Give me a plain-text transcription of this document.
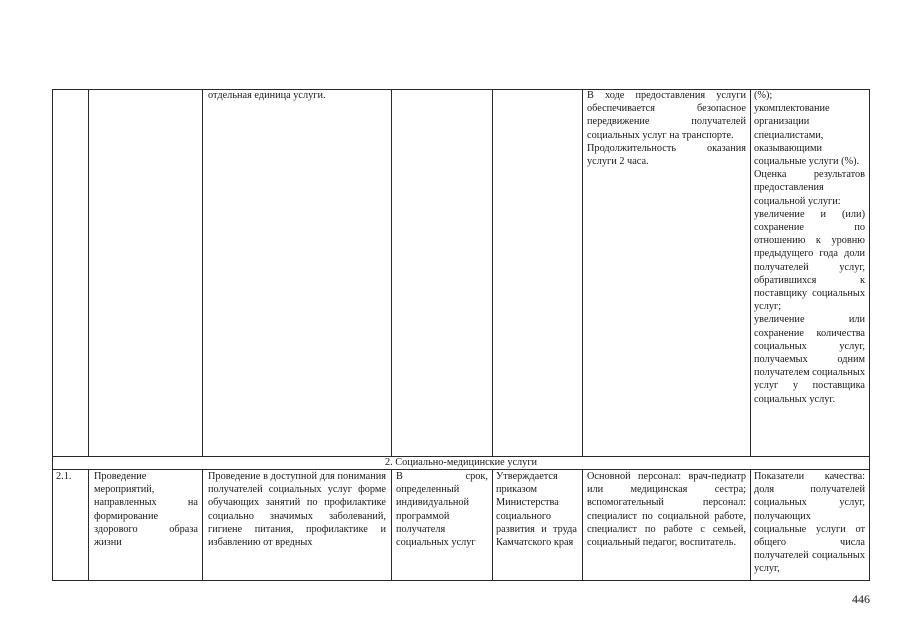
отдельная единица услуги.	В ходе предоставления услуги обеспечивается безопасное передвижение получателей социальных услуг на транспорте.

Продолжительность оказания услуги 2 часа.

(%);

укомплектование организации специалистами, оказывающими социальные услуги (%).

Оценка результатов предоставления социальной услуги:

увеличение и (или) сохранение по отношению к уровню предыдущего года доли получателей услуг, обратившихся к поставщику социальных услуг;

увеличение или сохранение количества социальных услуг, получаемых одним получателем социальных услуг у поставщика социальных услуг.

2. Социально-медицинские услуги
2.1.	Проведение мероприятий, направленных на формирование здорового образа жизни
Проведение в доступной для понимания получателей социальных услуг форме обучающих занятий по профилактике социально значимых заболеваний, гигиене питания, профилактике и избавлению от вредных
В срок, определенный индивидуальной программой получателя социальных услуг
Утверждается приказом Министерства социального развития и труда Камчатского края
Основной персонал: врач-педиатр или медицинская сестра; вспомогательный персонал: специалист по социальной работе, специалист по работе с семьей, социальный педагог, воспитатель.
Показатели качества: доля получателей социальных услуг, получающих социальные услуги от общего числа получателей социальных услуг,
446
